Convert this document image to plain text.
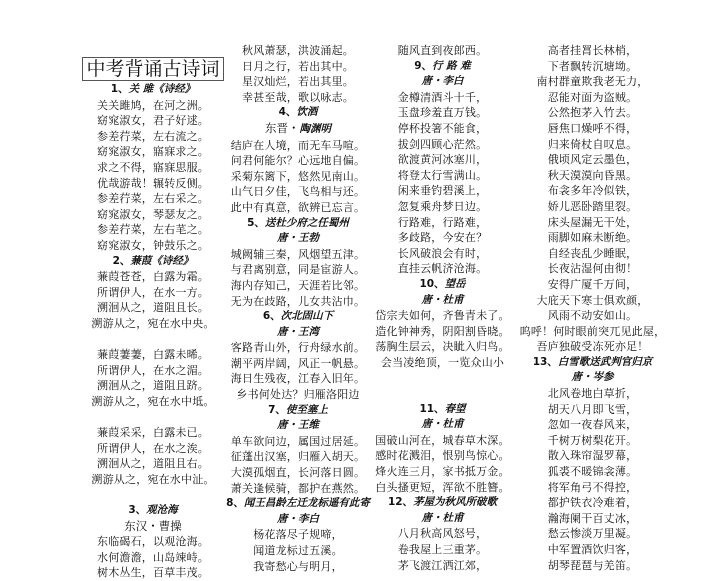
中考背诵古诗词
1、关 雎《诗经》
关关雎鸠，在河之洲。
窈窕淑女，君子好逑。
参差荇菜，左右流之。
窈窕淑女，寤寐求之。
求之不得，寤寐思服。
优哉游哉！辗转反侧。
参差荇菜，左右采之。
窈窕淑女，琴瑟友之。
参差荇菜，左右芼之。
窈窕淑女，钟鼓乐之。
2、蒹葭《诗经》
蒹葭苍苍，白露为霜。
所谓伊人，在水一方。
溯洄从之，道阻且长。
溯游从之，宛在水中央。
蒹葭萋萋，白露未晞。
所谓伊人，在水之湄。
溯洄从之，道阻且跻。
溯游从之，宛在水中坻。
蒹葭采采，白露未已。
所谓伊人，在水之涘。
溯洄从之，道阻且右。
溯游从之，宛在水中沚。
3、观沧海
东汉・曹操
东临碣石，以观沧海。
水何澹澹，山岛竦峙。
树木丛生，百草丰茂。
秋风萧瑟，洪波涌起。
日月之行，若出其中。
星汉灿烂，若出其里。
幸甚至哉，歌以咏志。
4、饮酒
东晋・陶渊明
结庐在人境，而无车马喧。
问君何能尔？心远地自偏。
采菊东篱下，悠然见南山。
山气日夕佳，飞鸟相与还。
此中有真意，欲辨已忘言。
5、送杜少府之任蜀州
唐・王勃
城阙辅三秦，风烟望五津。
与君离别意，同是宦游人。
海内存知己，天涯若比邻。
无为在歧路，儿女共沾巾。
6、次北固山下
唐・王湾
客路青山外，行舟绿水前。
潮平两岸阔，风正一帆悬。
海日生残夜，江春入旧年。
乡书何处达？归雁洛阳边
7、使至塞上
唐・王维
单车欲问边，属国过居延。
征蓬出汉塞，归雁入胡天。
大漠孤烟直，长河落日圆。
萧关逢候骑，都护在燕然。
8、闻王昌龄左迁龙标遥有此寄
唐・李白
杨花落尽子规啼，
闻道龙标过五溪。
我寄愁心与明月，
随风直到夜郎西。
9、行 路 难
唐・李白
金樽清酒斗十千，
玉盘珍羞直万钱。
停杯投箸不能食，
拔剑四顾心茫然。
欲渡黄河冰塞川，
将登太行雪满山。
闲来垂钓碧溪上，
忽复乘舟梦日边。
行路难，行路难，
多歧路，今安在？
长风破浪会有时，
直挂云帆济沧海。
10、望岳
唐・杜甫
岱宗夫如何，齐鲁青未了。
造化钟神秀，阴阳割昏晓。
荡胸生层云，决眦入归鸟。
会当凌绝顶，一览众山小
11、春望
唐・杜甫
国破山河在，城春草木深。
感时花溅泪，恨别鸟惊心。
烽火连三月，家书抵万金。
白头搔更短，浑欲不胜簪。
12、茅屋为秋风所破歌
唐・杜甫
八月秋高风怒号，
卷我屋上三重茅。
茅飞渡江洒江郊，
高者挂罥长林梢，
下者飘转沉塘坳。
南村群童欺我老无力，
忍能对面为盗贼。
公然抱茅入竹去。
唇焦口燥呼不得，
归来倚杖自叹息。
俄顷风定云墨色，
秋天漠漠向昏黑。
布衾多年冷似铁，
娇儿恶卧踏里裂。
床头屋漏无干处，
雨脚如麻未断绝。
自经丧乱少睡眠，
长夜沾湿何由彻！
安得广厦千万间，
大庇天下寒士俱欢颜，
风雨不动安如山。
呜呼！何时眼前突兀见此屋，
吾庐独破受冻死亦足！
13、白雪歌送武判官归京
唐・岑参
北风卷地白草折，
胡天八月即飞雪，
忽如一夜春风来，
千树万树梨花开。
散入珠帘湿罗幕，
狐裘不暖锦衾薄。
将军角弓不得控，
都护铁衣冷难着，
瀚海阑干百丈冰，
愁云惨淡万里凝。
中军置酒饮归客，
胡琴琵琶与羌笛。
